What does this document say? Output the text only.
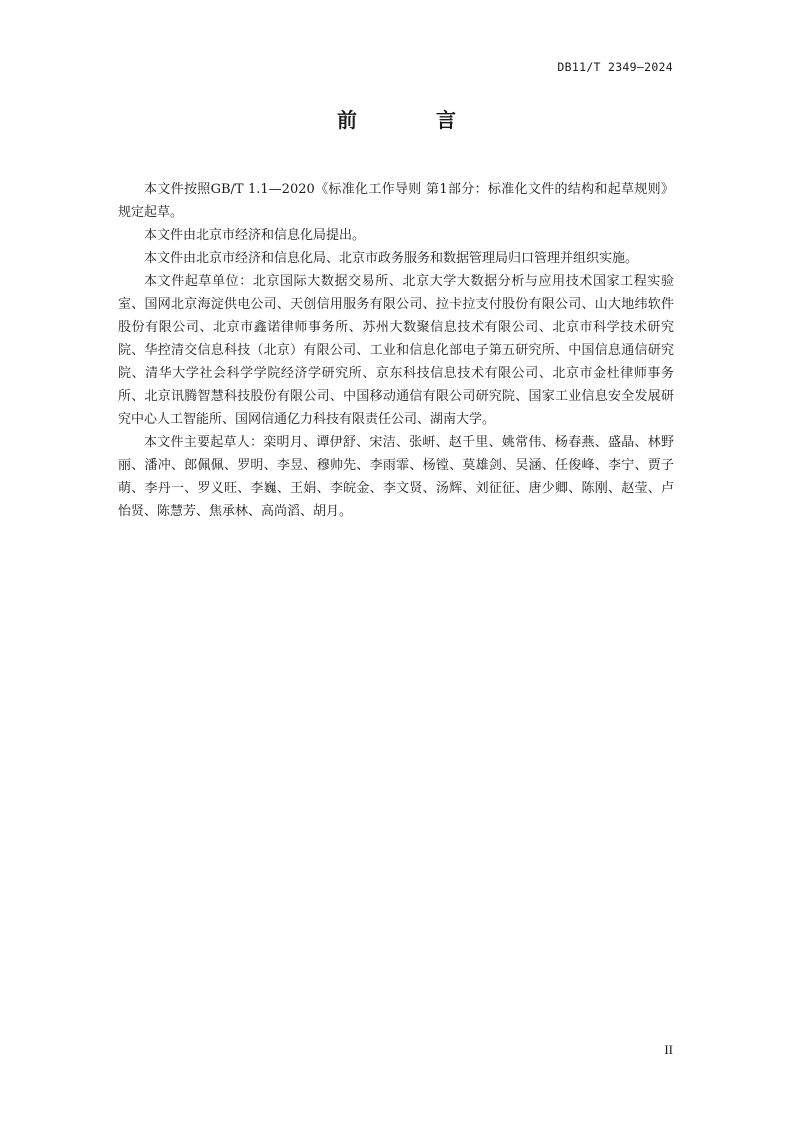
DB11/T 2349—2024
前 言

本文件按照GB/T 1.1—2020《标准化工作导则 第1部分：标准化文件的结构和起草规则》规定起草。

本文件由北京市经济和信息化局提出。

本文件由北京市经济和信息化局、北京市政务服务和数据管理局归口管理并组织实施。

本文件起草单位：北京国际大数据交易所、北京大学大数据分析与应用技术国家工程实验室、国网北京海淀供电公司、天创信用服务有限公司、拉卡拉支付股份有限公司、山大地纬软件股份有限公司、北京市鑫诺律师事务所、苏州大数聚信息技术有限公司、北京市科学技术研究院、华控清交信息科技（北京）有限公司、工业和信息化部电子第五研究所、中国信息通信研究院、清华大学社会科学学院经济学研究所、京东科技信息技术有限公司、北京市金杜律师事务所、北京讯腾智慧科技股份有限公司、中国移动通信有限公司研究院、国家工业信息安全发展研究中心人工智能所、国网信通亿力科技有限责任公司、湖南大学。

本文件主要起草人：栾明月、谭伊舒、宋洁、张岍、赵千里、姚常伟、杨春燕、盛晶、林野丽、潘冲、郎佩佩、罗明、李昱、穆帅先、李雨霏、杨镗、莫雄剑、吴涵、任俊峰、李宁、贾子萌、李丹一、罗义旺、李巍、王娟、李皖金、李文贤、汤辉、刘征征、唐少卿、陈刚、赵莹、卢怡贤、陈慧芳、焦承林、高尚滔、胡月。

II
